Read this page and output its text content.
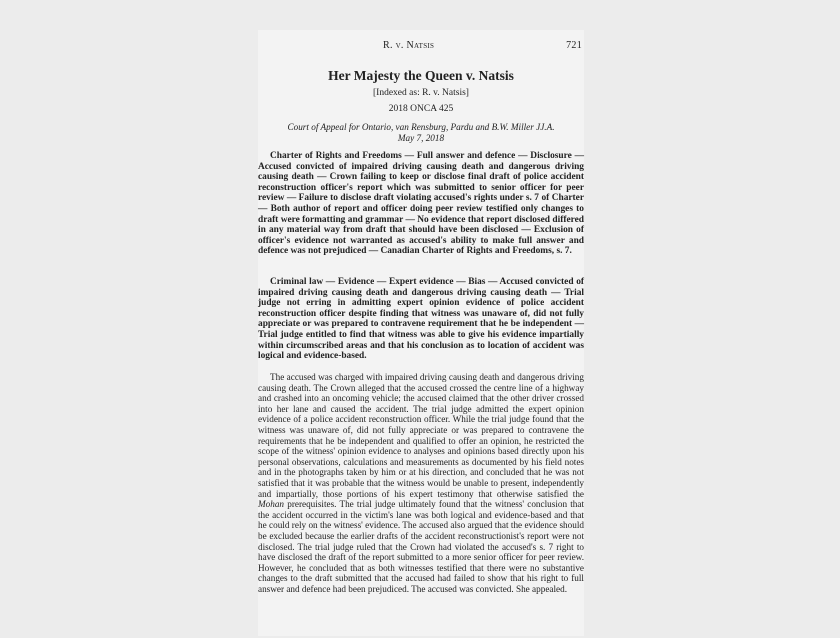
R. v. Natsis	721
Her Majesty the Queen v. Natsis
[Indexed as: R. v. Natsis]
2018 ONCA 425
Court of Appeal for Ontario, van Rensburg, Pardu and B.W. Miller JJ.A.
May 7, 2018

Charter of Rights and Freedoms — Full answer and defence — Disclosure — Accused convicted of impaired driving causing death and dangerous driving causing death — Crown failing to keep or disclose final draft of police accident reconstruction officer's report which was submitted to senior officer for peer review — Failure to disclose draft violating accused's rights under s. 7 of Charter — Both author of report and officer doing peer review testified only changes to draft were formatting and grammar — No evidence that report disclosed differed in any material way from draft that should have been disclosed — Exclusion of officer's evidence not warranted as accused's ability to make full answer and defence was not prejudiced — Canadian Charter of Rights and Freedoms, s. 7.

Criminal law — Evidence — Expert evidence — Bias — Accused convicted of impaired driving causing death and dangerous driving causing death — Trial judge not erring in admitting expert opinion evidence of police accident reconstruction officer despite finding that witness was unaware of, did not fully appreciate or was prepared to contravene requirement that he be independent — Trial judge entitled to find that witness was able to give his evidence impartially within circumscribed areas and that his conclusion as to location of accident was logical and evidence-based.

The accused was charged with impaired driving causing death and dangerous driving causing death. The Crown alleged that the accused crossed the centre line of a highway and crashed into an oncoming vehicle; the accused claimed that the other driver crossed into her lane and caused the accident. The trial judge admitted the expert opinion evidence of a police accident reconstruction officer. While the trial judge found that the witness was unaware of, did not fully appreciate or was prepared to contravene the requirements that he be independent and qualified to offer an opinion, he restricted the scope of the witness' opinion evidence to analyses and opinions based directly upon his personal observations, calculations and measurements as documented by his field notes and in the photographs taken by him or at his direction, and concluded that he was not satisfied that it was probable that the witness would be unable to present, independently and impartially, those portions of his expert testimony that otherwise satisfied the Mohan prerequisites. The trial judge ultimately found that the witness' conclusion that the accident occurred in the victim's lane was both logical and evidence-based and that he could rely on the witness' evidence. The accused also argued that the evidence should be excluded because the earlier drafts of the accident reconstructionist's report were not disclosed. The trial judge ruled that the Crown had violated the accused's s. 7 right to have disclosed the draft of the report submitted to a more senior officer for peer review. However, he concluded that as both witnesses testified that there were no substantive changes to the draft submitted that the accused had failed to show that his right to full answer and defence had been prejudiced. The accused was convicted. She appealed.
